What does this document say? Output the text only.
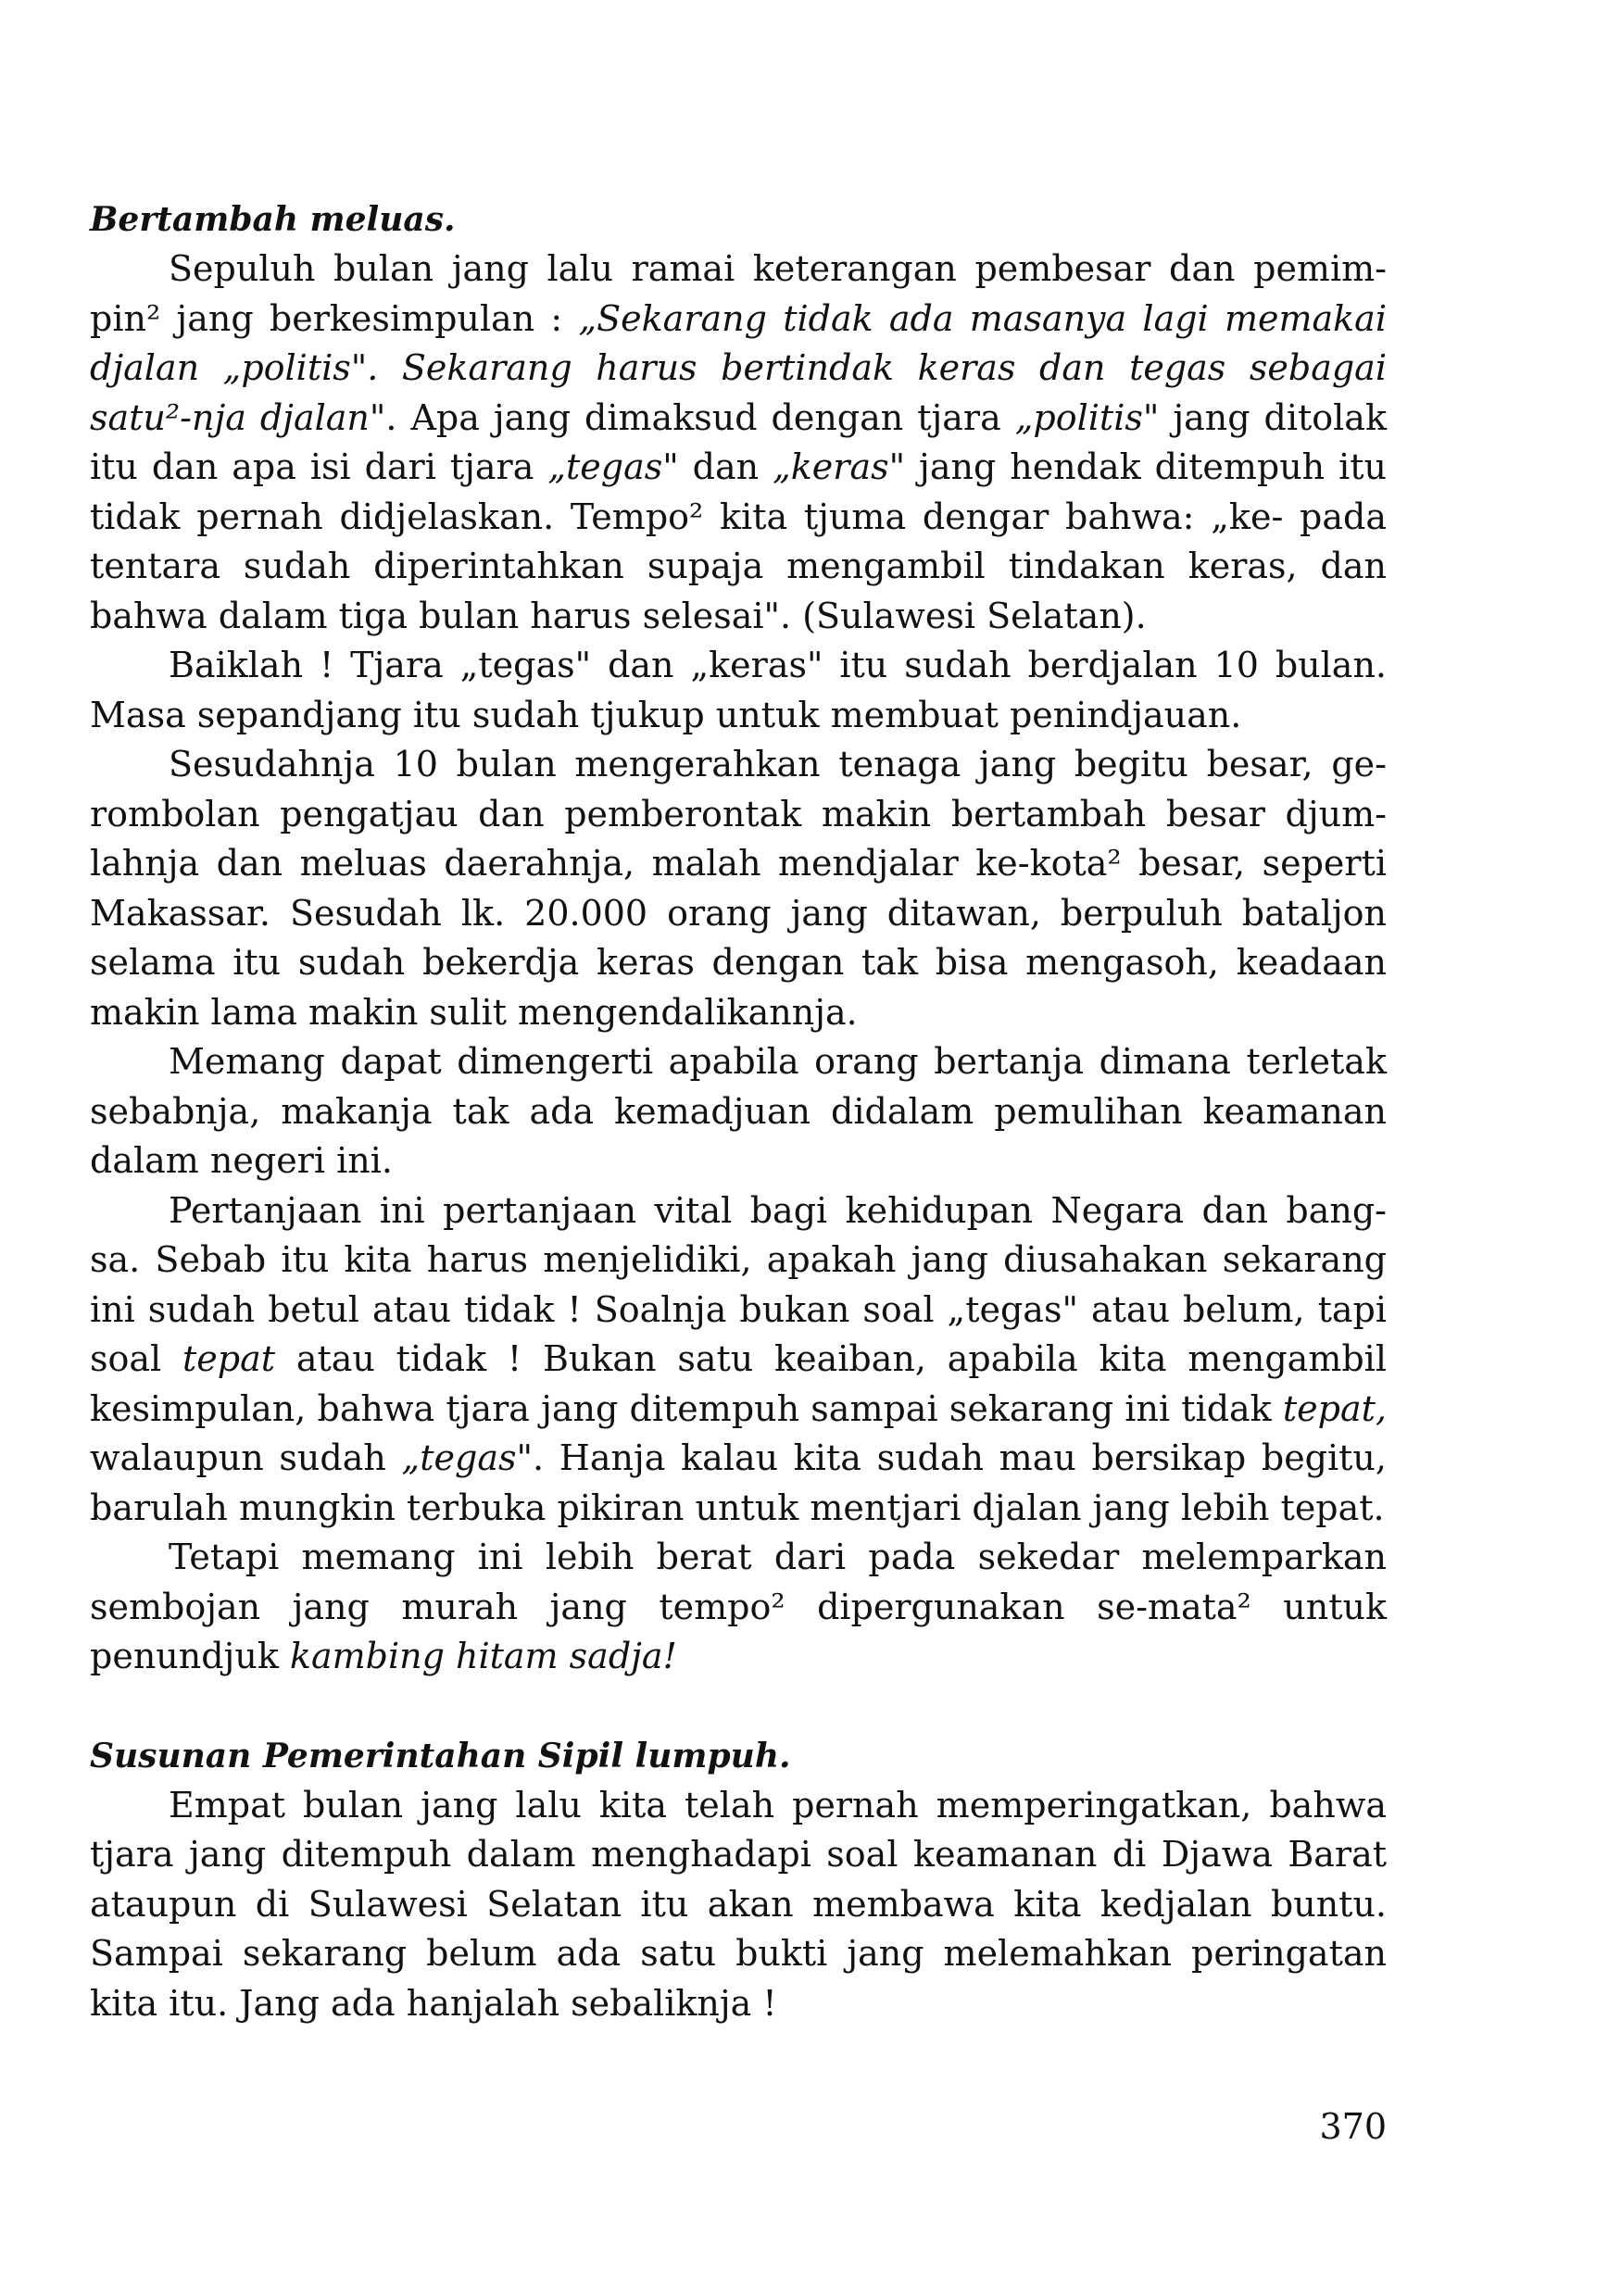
Bertambah meluas.

Sepuluh bulan jang lalu ramai keterangan pembesar dan pemim- pin² jang berkesimpulan : „Sekarang tidak ada masanya lagi memakai djalan „politis". Sekarang harus bertindak keras dan tegas sebagai satu²-nja djalan". Apa jang dimaksud dengan tjara „politis" jang ditolak itu dan apa isi dari tjara „tegas" dan „keras" jang hendak ditempuh itu tidak pernah didjelaskan. Tempo² kita tjuma dengar bahwa: „ke- pada tentara sudah diperintahkan supaja mengambil tindakan keras, dan bahwa dalam tiga bulan harus selesai". (Sulawesi Selatan).

Baiklah ! Tjara „tegas" dan „keras" itu sudah berdjalan 10 bulan. Masa sepandjang itu sudah tjukup untuk membuat penindjauan.

Sesudahnja 10 bulan mengerahkan tenaga jang begitu besar, ge- rombolan pengatjau dan pemberontak makin bertambah besar djum- lahnja dan meluas daerahnja, malah mendjalar ke-kota² besar, seperti Makassar. Sesudah lk. 20.000 orang jang ditawan, berpuluh bataljon selama itu sudah bekerdja keras dengan tak bisa mengasoh, keadaan makin lama makin sulit mengendalikannja.

Memang dapat dimengerti apabila orang bertanja dimana terletak sebabnja, makanja tak ada kemadjuan didalam pemulihan keamanan dalam negeri ini.

Pertanjaan ini pertanjaan vital bagi kehidupan Negara dan bang- sa. Sebab itu kita harus menjelidiki, apakah jang diusahakan sekarang ini sudah betul atau tidak ! Soalnja bukan soal „tegas" atau belum, tapi soal tepat atau tidak ! Bukan satu keaiban, apabila kita mengambil kesimpulan, bahwa tjara jang ditempuh sampai sekarang ini tidak tepat, walaupun sudah „tegas". Hanja kalau kita sudah mau bersikap begitu, barulah mungkin terbuka pikiran untuk mentjari djalan jang lebih tepat.

Tetapi memang ini lebih berat dari pada sekedar melemparkan sembojan jang murah jang tempo² dipergunakan se-mata² untuk penundjuk kambing hitam sadja!

Susunan Pemerintahan Sipil lumpuh.

Empat bulan jang lalu kita telah pernah memperingatkan, bahwa tjara jang ditempuh dalam menghadapi soal keamanan di Djawa Barat ataupun di Sulawesi Selatan itu akan membawa kita kedjalan buntu. Sampai sekarang belum ada satu bukti jang melemahkan peringatan kita itu. Jang ada hanjalah sebaliknja !

370
